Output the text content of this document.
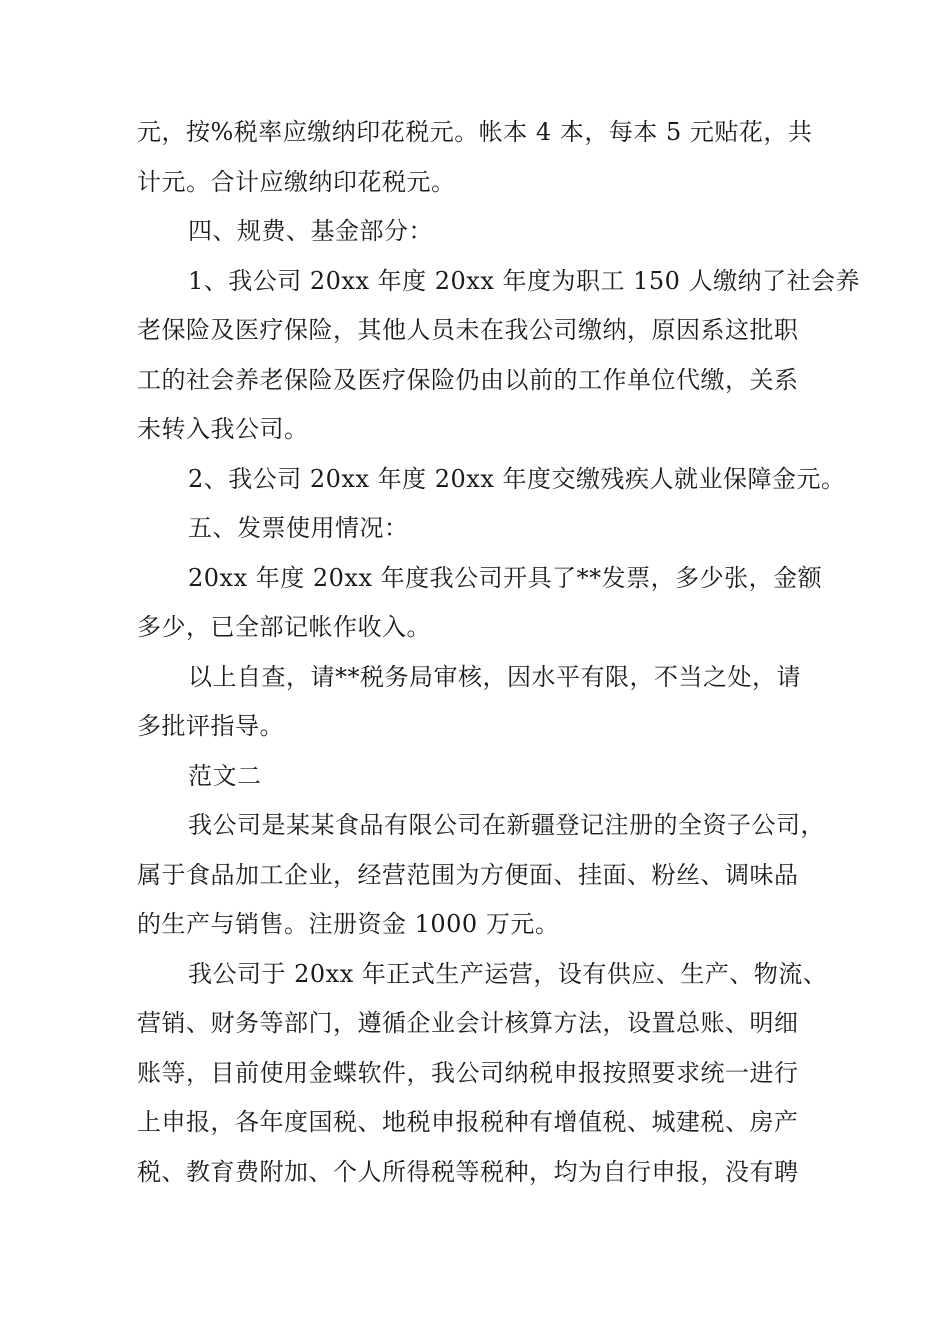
元，按%税率应缴纳印花税元。帐本 4 本，每本 5 元贴花，共
计元。合计应缴纳印花税元。
四、规费、基金部分：
1、我公司 20xx 年度 20xx 年度为职工 150 人缴纳了社会养
老保险及医疗保险，其他人员未在我公司缴纳，原因系这批职
工的社会养老保险及医疗保险仍由以前的工作单位代缴，关系
未转入我公司。
2、我公司 20xx 年度 20xx 年度交缴残疾人就业保障金元。
五、发票使用情况：
20xx 年度 20xx 年度我公司开具了**发票，多少张，金额
多少，已全部记帐作收入。
以上自查，请**税务局审核，因水平有限，不当之处，请
多批评指导。
范文二
我公司是某某食品有限公司在新疆登记注册的全资子公司，
属于食品加工企业，经营范围为方便面、挂面、粉丝、调味品
的生产与销售。注册资金 1000 万元。
我公司于 20xx 年正式生产运营，设有供应、生产、物流、
营销、财务等部门，遵循企业会计核算方法，设置总账、明细
账等，目前使用金蝶软件，我公司纳税申报按照要求统一进行
上申报，各年度国税、地税申报税种有增值税、城建税、房产
税、教育费附加、个人所得税等税种，均为自行申报，没有聘
